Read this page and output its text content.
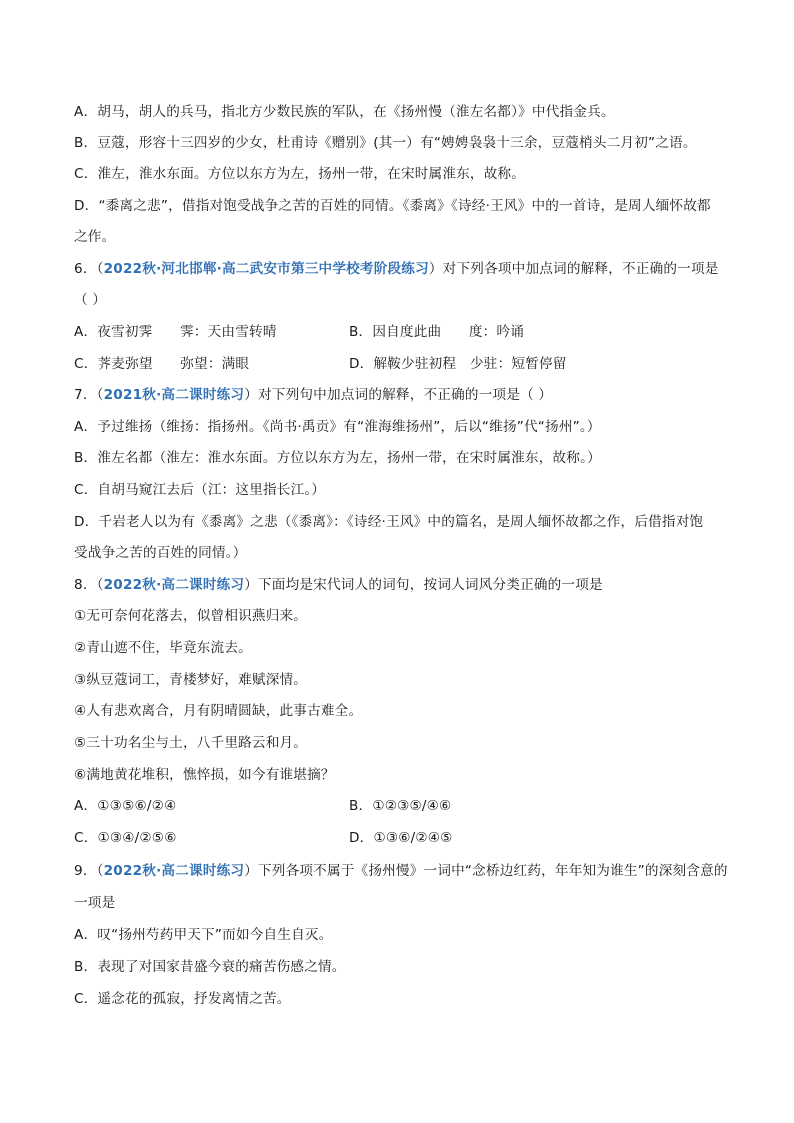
A．胡马，胡人的兵马，指北方少数民族的军队，在《扬州慢（淮左名都）》中代指金兵。
B．豆蔻，形容十三四岁的少女，杜甫诗《赠别》(其一）有“娉娉袅袅十三余，豆蔻梢头二月初”之语。
C．淮左，淮水东面。方位以东方为左，扬州一带，在宋时属淮东，故称。
D．“黍离之悲”，借指对饱受战争之苦的百姓的同情。《黍离》《诗经·王风》中的一首诗，是周人缅怀故都
之作。
6．（2022秋·河北邯郸·高二武安市第三中学校考阶段练习）对下列各项中加点词的解释，不正确的一项是
（ ）
A．夜雪初霁　　霁：天由雪转晴	B．因自度此曲　　度：吟诵
C．荠麦弥望　　弥望：满眼	D．解鞍少驻初程　少驻：短暂停留
7．（2021秋·高二课时练习）对下列句中加点词的解释，不正确的一项是（ ）
A．予过维扬（维扬：指扬州。《尚书·禹贡》有“淮海维扬州”，后以“维扬”代“扬州”。）
B．淮左名都（淮左：淮水东面。方位以东方为左，扬州一带，在宋时属淮东，故称。）
C．自胡马窥江去后（江：这里指长江。）
D．千岩老人以为有《黍离》之悲（《黍离》：《诗经·王风》中的篇名，是周人缅怀故都之作，后借指对饱
受战争之苦的百姓的同情。）
8．（2022秋·高二课时练习）下面均是宋代词人的词句，按词人词风分类正确的一项是
①无可奈何花落去，似曾相识燕归来。
②青山遮不住，毕竟东流去。
③纵豆蔻词工，青楼梦好，难赋深情。
④人有悲欢离合，月有阴晴圆缺，此事古难全。
⑤三十功名尘与土，八千里路云和月。
⑥满地黄花堆积，憔悴损，如今有谁堪摘？
A．①③⑤⑥/②④	B．①②③⑤/④⑥
C．①③④/②⑤⑥	D．①③⑥/②④⑤
9．（2022秋·高二课时练习）下列各项不属于《扬州慢》一词中“念桥边红药，年年知为谁生”的深刻含意的
一项是
A．叹“扬州芍药甲天下”而如今自生自灭。
B．表现了对国家昔盛今衰的痛苦伤感之情。
C．遥念花的孤寂，抒发离情之苦。
